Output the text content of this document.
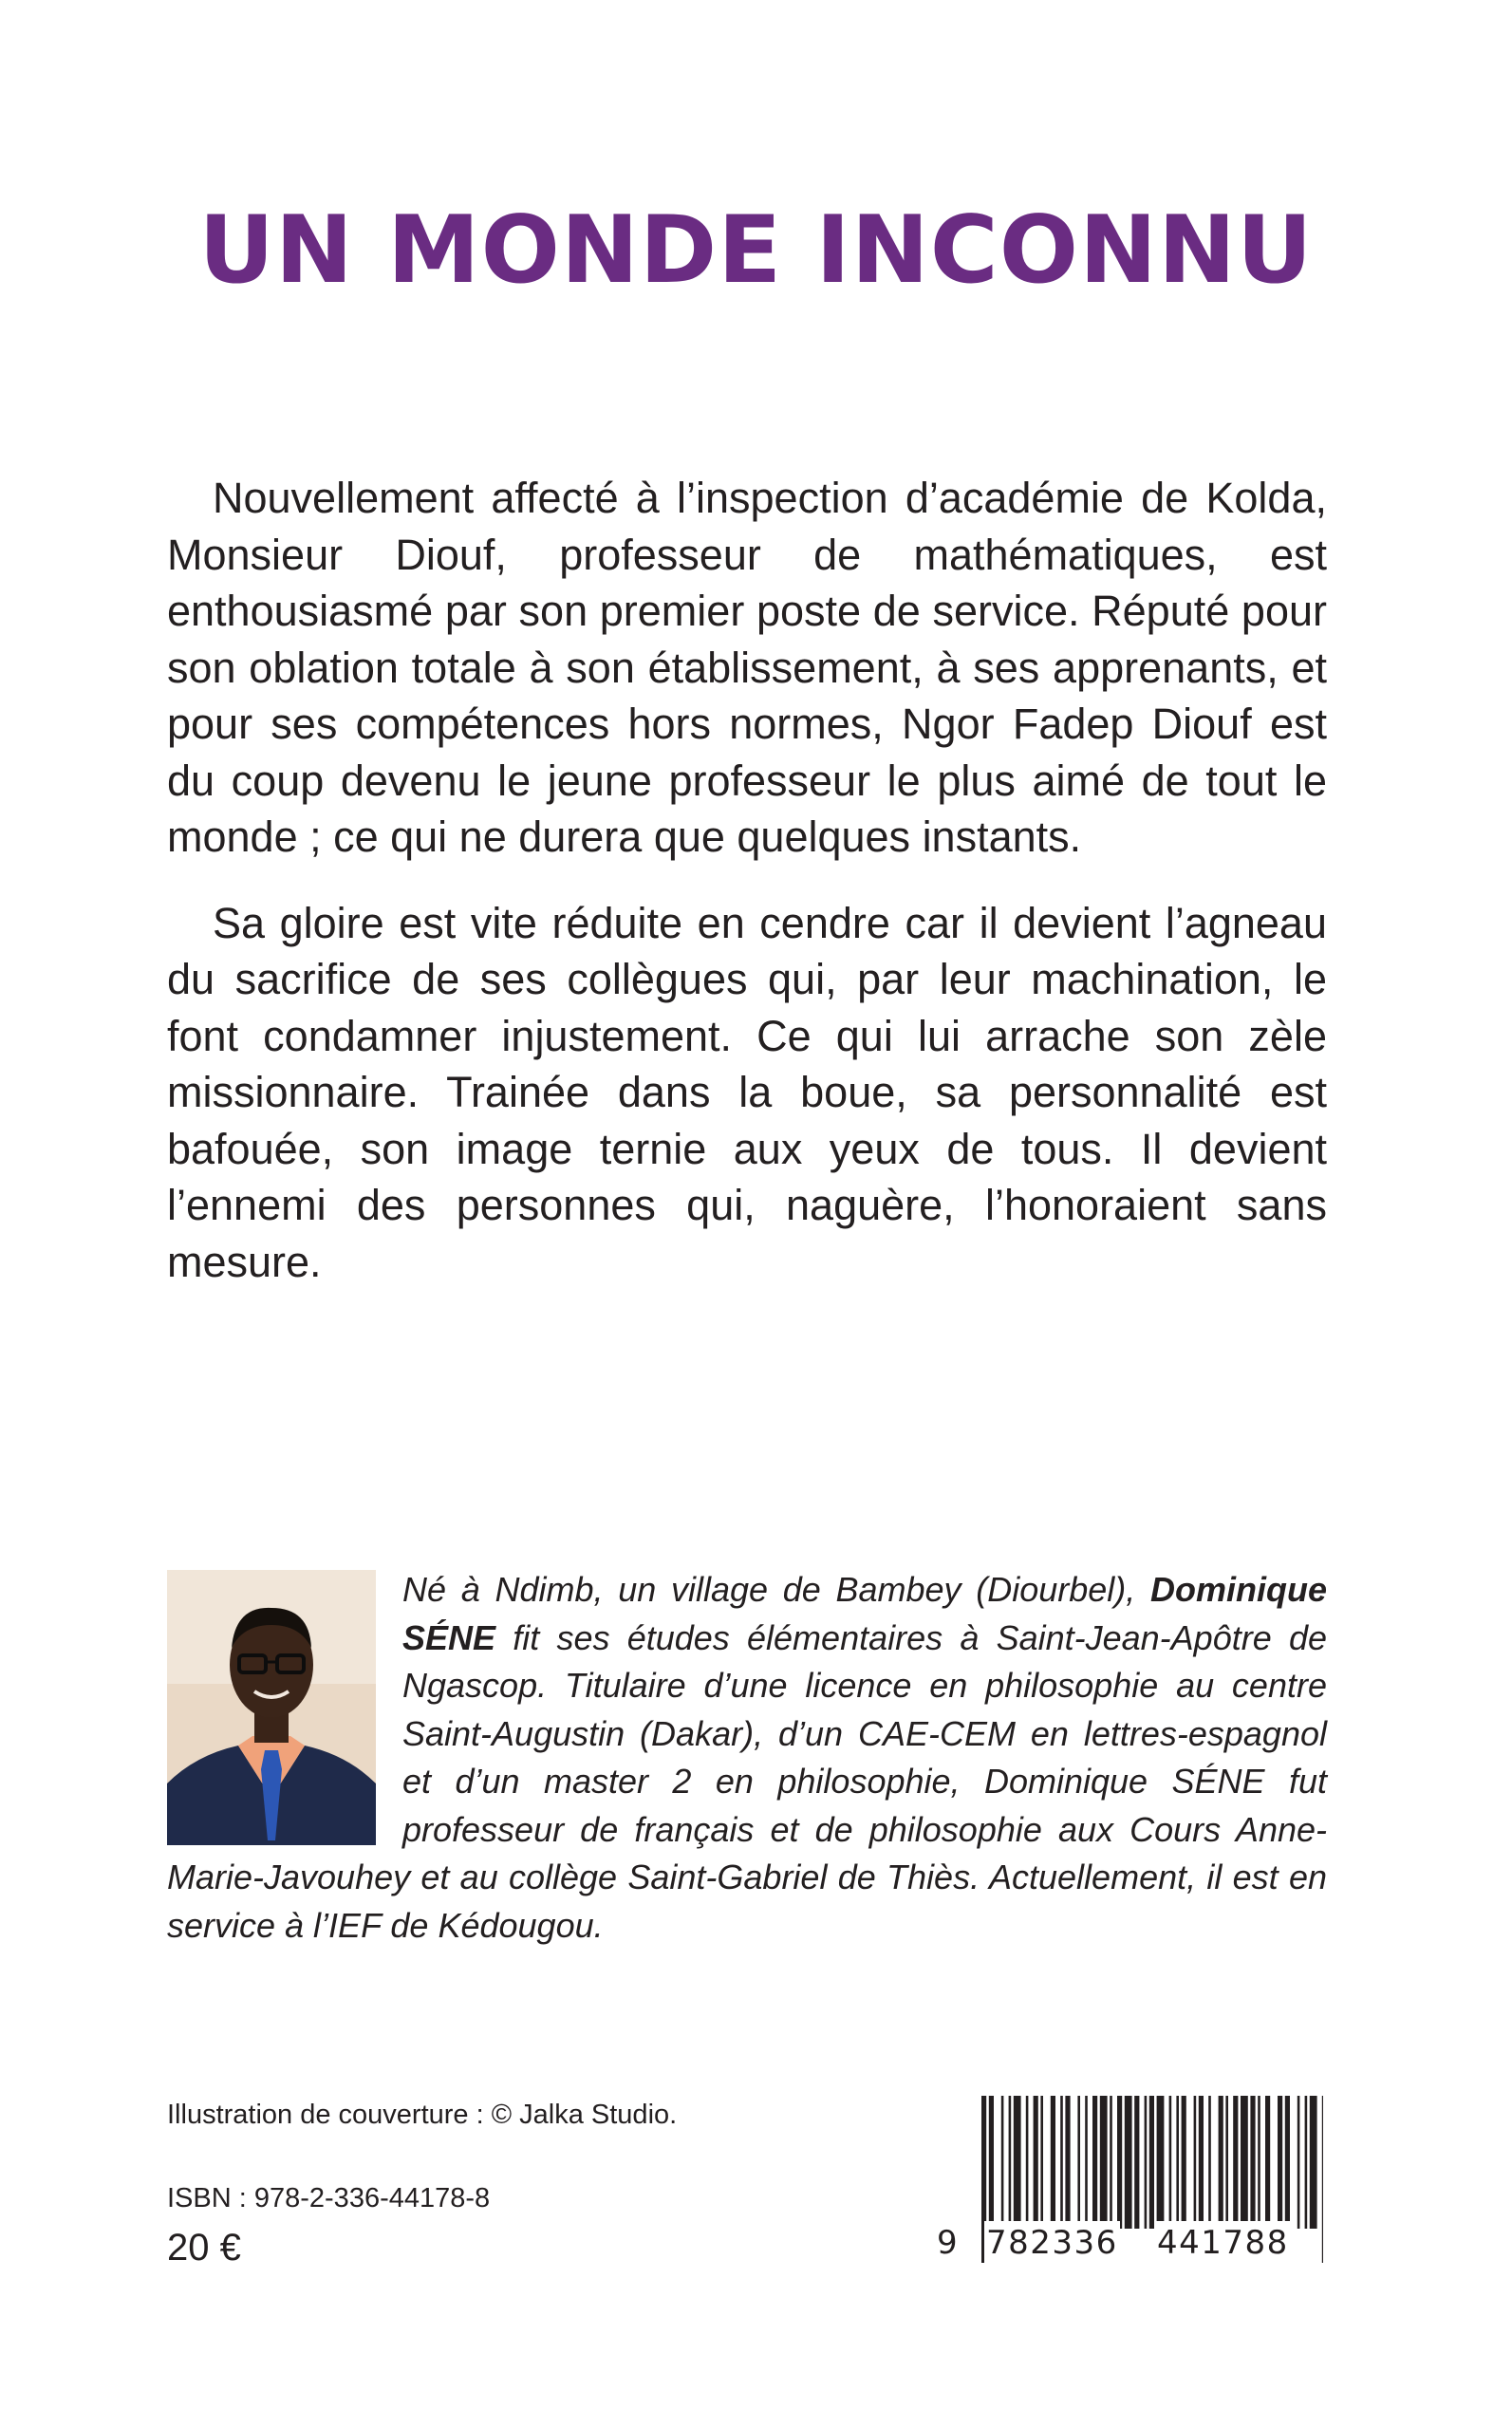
UN MONDE INCONNU

Nouvellement affecté à l’inspection d’académie de Kolda, Monsieur Diouf, professeur de mathématiques, est enthousiasmé par son premier poste de service. Réputé pour son oblation totale à son établissement, à ses apprenants, et pour ses compétences hors normes, Ngor Fadep Diouf est du coup devenu le jeune professeur le plus aimé de tout le monde ; ce qui ne durera que quelques instants.

Sa gloire est vite réduite en cendre car il devient l’agneau du sacrifice de ses collègues qui, par leur machination, le font condamner injustement. Ce qui lui arrache son zèle missionnaire. Trainée dans la boue, sa personnalité est bafouée, son image ternie aux yeux de tous. Il devient l’ennemi des personnes qui, naguère, l’honoraient sans mesure.

Né à Ndimb, un village de Bambey (Diourbel), Dominique SÉNE fit ses études élémentaires à Saint-Jean-Apôtre de Ngascop. Titulaire d’une licence en philosophie au centre Saint-Augustin (Dakar), d’un CAE-CEM en lettres-espagnol et d’un master 2 en philosophie, Dominique SÉNE fut professeur de français et de philosophie aux Cours Anne-Marie-Javouhey et au collège Saint-Gabriel de Thiès. Actuellement, il est en service à l’IEF de Kédougou.

Illustration de couverture : © Jalka Studio.
ISBN : 978-2-336-44178-8
20 €	9 782336 441788
